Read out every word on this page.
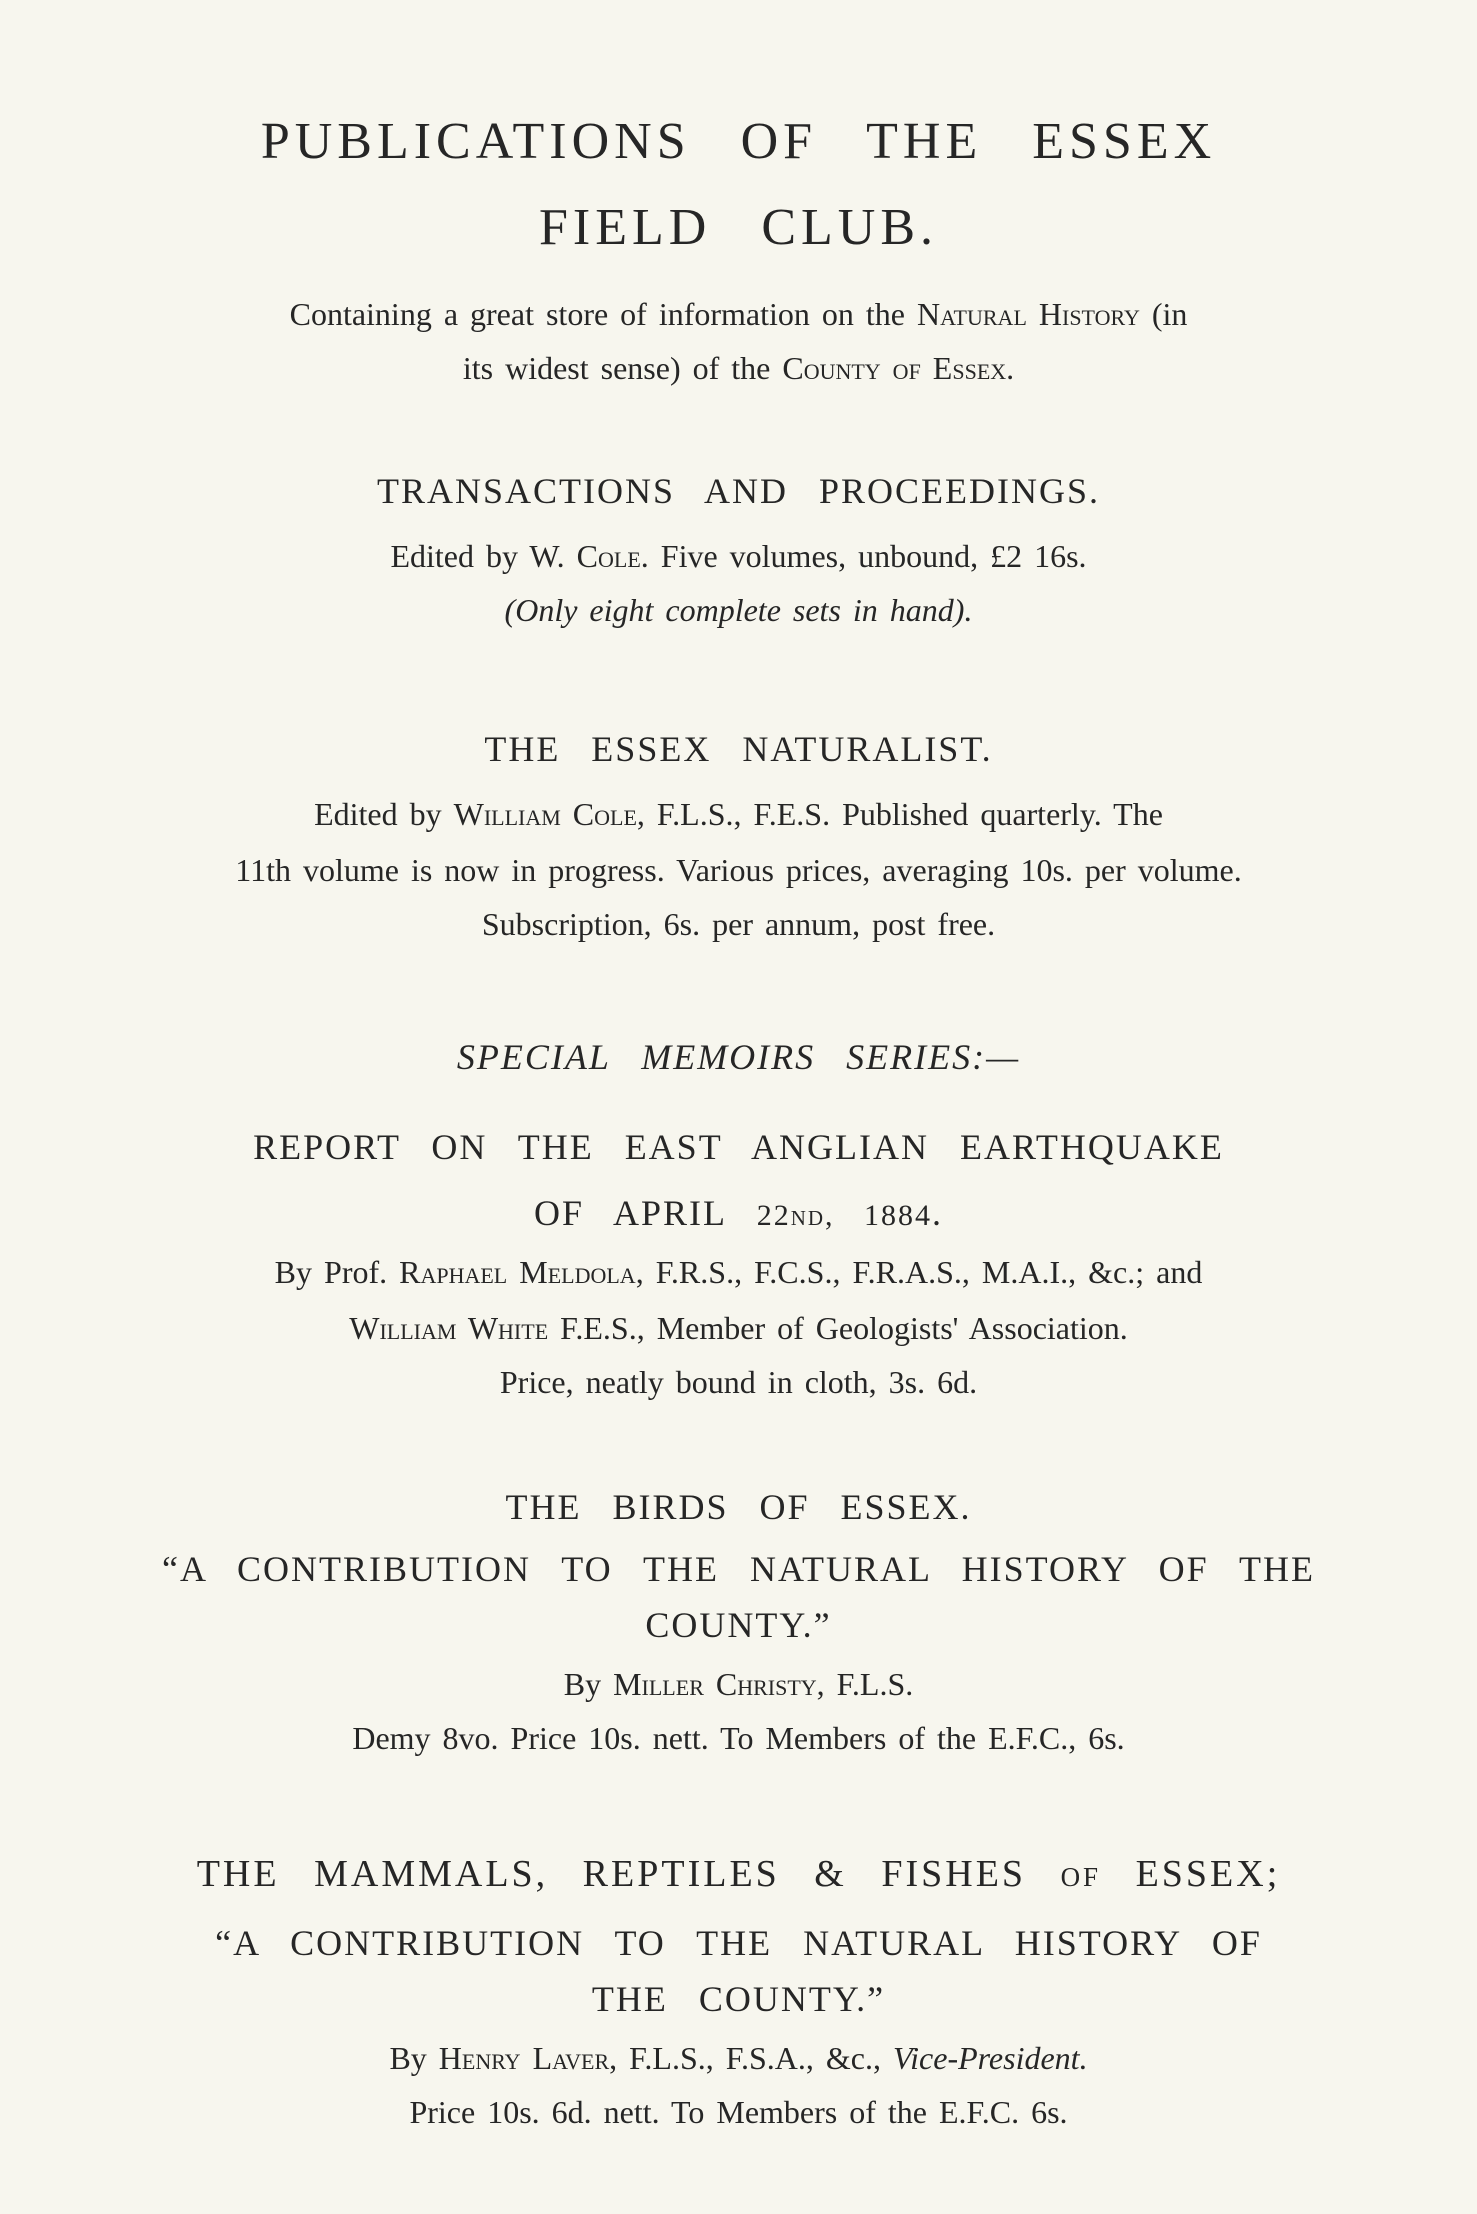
PUBLICATIONS OF THE ESSEX
FIELD CLUB.
Containing a great store of information on the Natural History (in
its widest sense) of the County of Essex.
TRANSACTIONS AND PROCEEDINGS.
Edited by W. Cole. Five volumes, unbound, £2 16s.
(Only eight complete sets in hand).
THE ESSEX NATURALIST.
Edited by William Cole, F.L.S., F.E.S. Published quarterly. The
11th volume is now in progress. Various prices, averaging 10s. per volume.
Subscription, 6s. per annum, post free.
SPECIAL MEMOIRS SERIES:—
REPORT ON THE EAST ANGLIAN EARTHQUAKE
OF APRIL 22nd, 1884.
By Prof. Raphael Meldola, F.R.S., F.C.S., F.R.A.S., M.A.I., &c.; and
William White F.E.S., Member of Geologists' Association.
Price, neatly bound in cloth, 3s. 6d.
THE BIRDS OF ESSEX.
“A CONTRIBUTION TO THE NATURAL HISTORY OF THE
COUNTY.”
By Miller Christy, F.L.S.
Demy 8vo. Price 10s. nett. To Members of the E.F.C., 6s.
THE MAMMALS, REPTILES & FISHES of ESSEX;
“A CONTRIBUTION TO THE NATURAL HISTORY OF
THE COUNTY.”
By Henry Laver, F.L.S., F.S.A., &c., Vice-President.
Price 10s. 6d. nett. To Members of the E.F.C. 6s.
